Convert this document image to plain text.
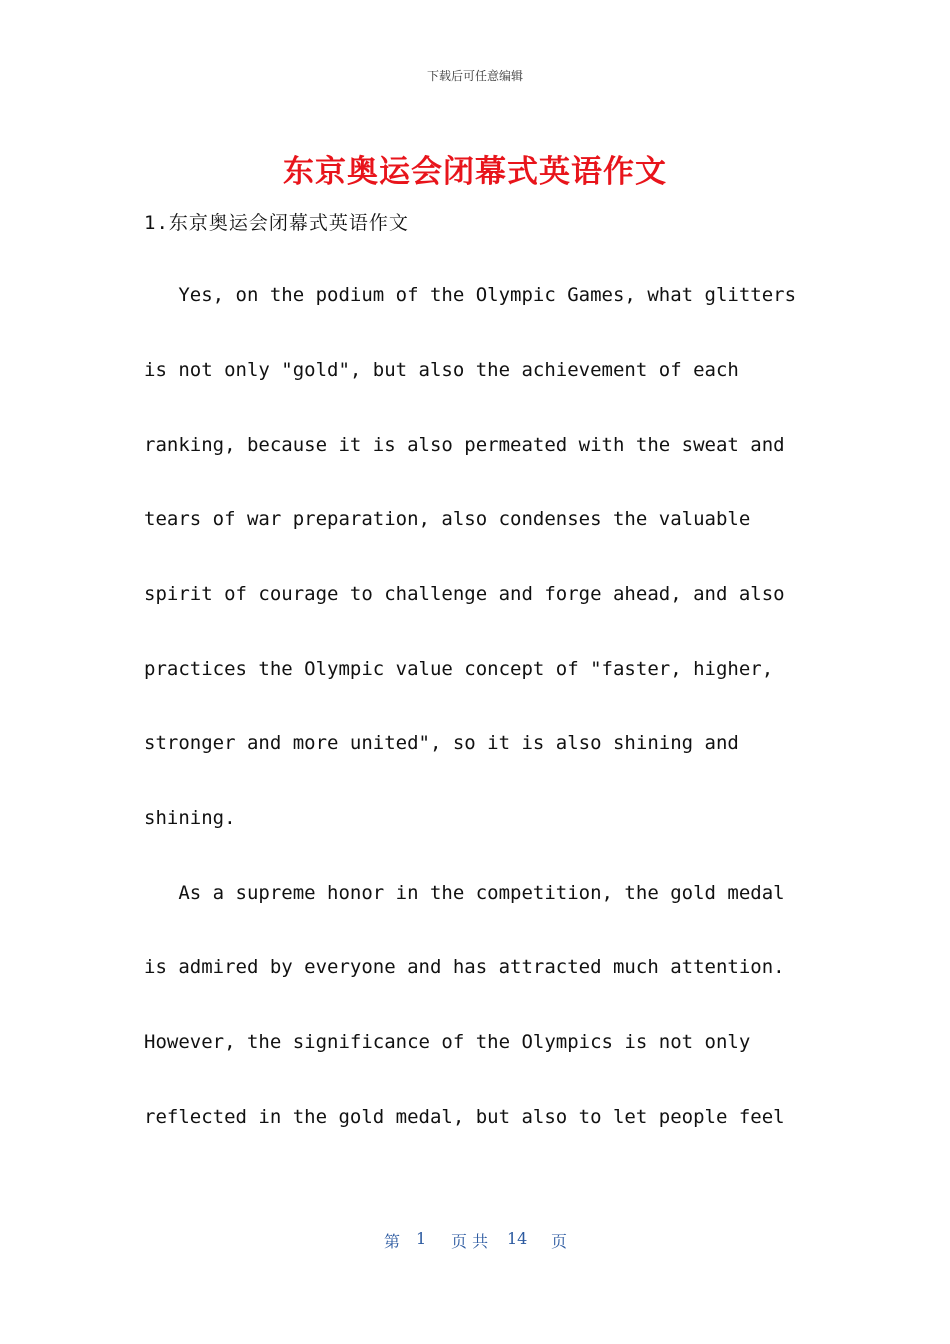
下载后可任意编辑
东京奥运会闭幕式英语作文
1.东京奥运会闭幕式英语作文
Yes, on the podium of the Olympic Games, what glitters
is not only "gold", but also the achievement of each
ranking, because it is also permeated with the sweat and
tears of war preparation, also condenses the valuable
spirit of courage to challenge and forge ahead, and also
practices the Olympic value concept of "faster, higher,
stronger and more united", so it is also shining and
shining.
As a supreme honor in the competition, the gold medal
is admired by everyone and has attracted much attention.
However, the significance of the Olympics is not only
reflected in the gold medal, but also to let people feel
第 1 页 共 14 页
